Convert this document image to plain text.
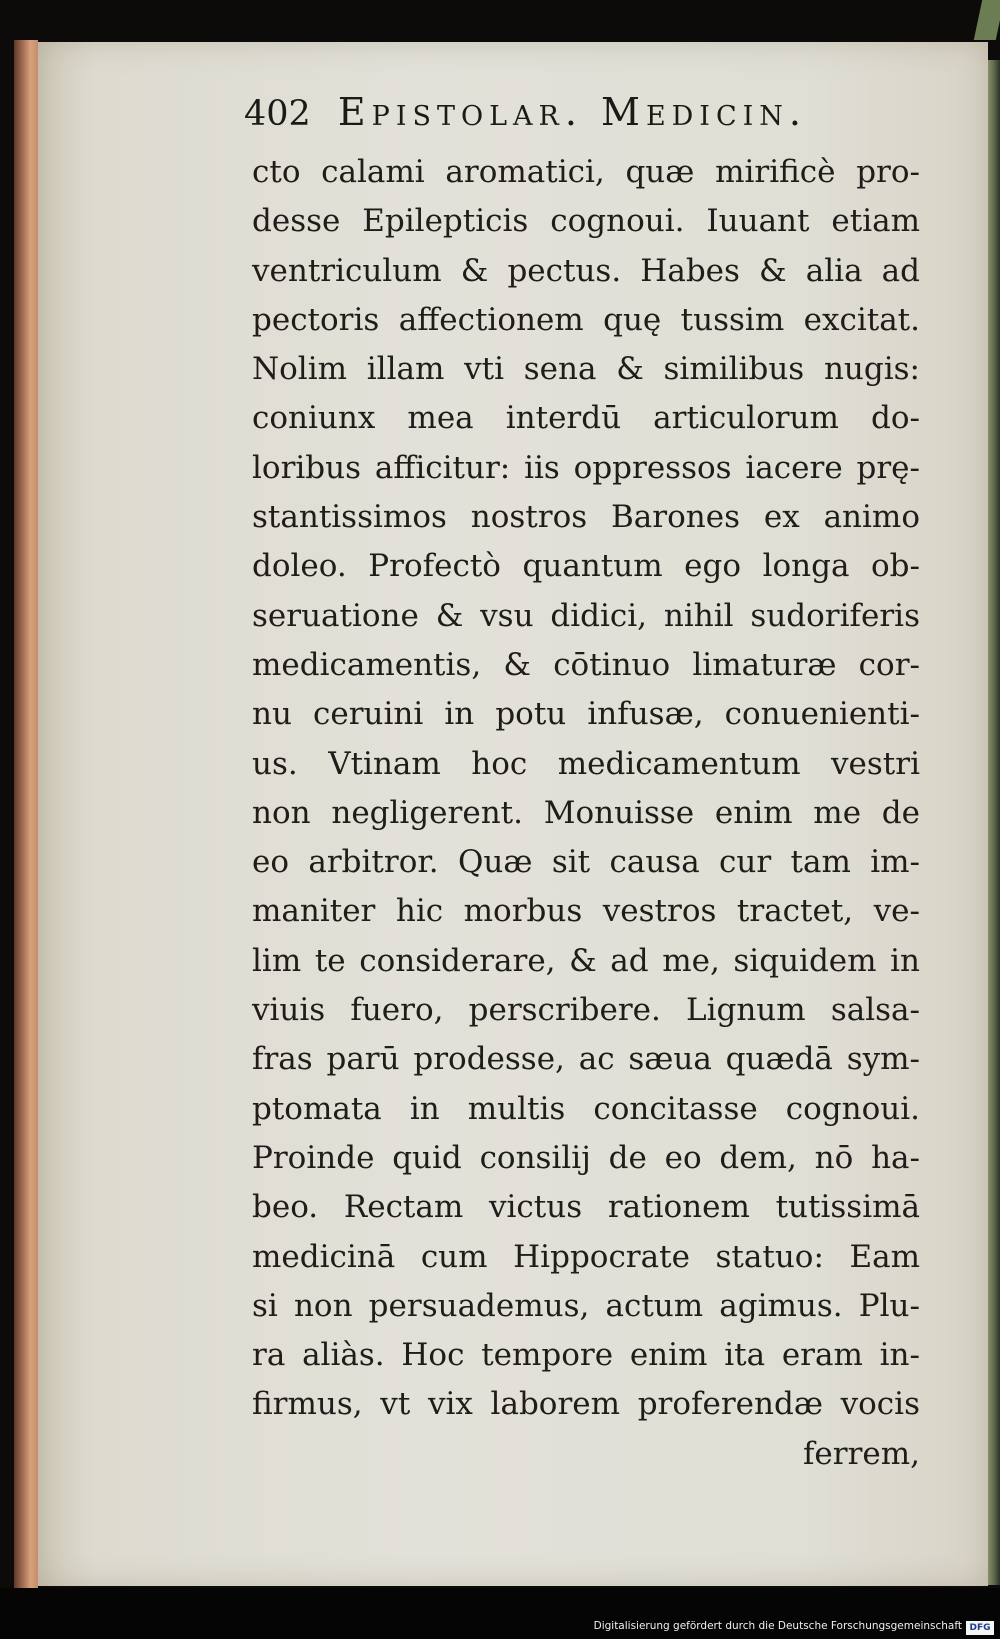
402 Epistolar. Medicin.
cto calami aromatici, quæ mirificè pro-
desse Epilepticis cognoui. Iuuant etiam
ventriculum & pectus. Habes & alia ad
pectoris affectionem quę tussim excitat.
Nolim illam vti sena & similibus nugis:
coniunx mea interdū articulorum do-
loribus afficitur: iis oppressos iacere prę-
stantissimos nostros Barones ex animo
doleo. Profectò quantum ego longa ob-
seruatione & vsu didici, nihil sudoriferis
medicamentis, & cōtinuo limaturæ cor-
nu ceruini in potu infusæ, conuenienti-
us. Vtinam hoc medicamentum vestri
non negligerent. Monuisse enim me de
eo arbitror. Quæ sit causa cur tam im-
maniter hic morbus vestros tractet, ve-
lim te considerare, & ad me, siquidem in
viuis fuero, perscribere. Lignum salsa-
fras parū prodesse, ac sæua quædā sym-
ptomata in multis concitasse cognoui.
Proinde quid consilij de eo dem, nō ha-
beo. Rectam victus rationem tutissimā
medicinā cum Hippocrate statuo: Eam
si non persuademus, actum agimus. Plu-
ra aliàs. Hoc tempore enim ita eram in-
firmus, vt vix laborem proferendæ vocis
ferrem,
Digitalisierung gefördert durch die Deutsche Forschungsgemeinschaft DFG
